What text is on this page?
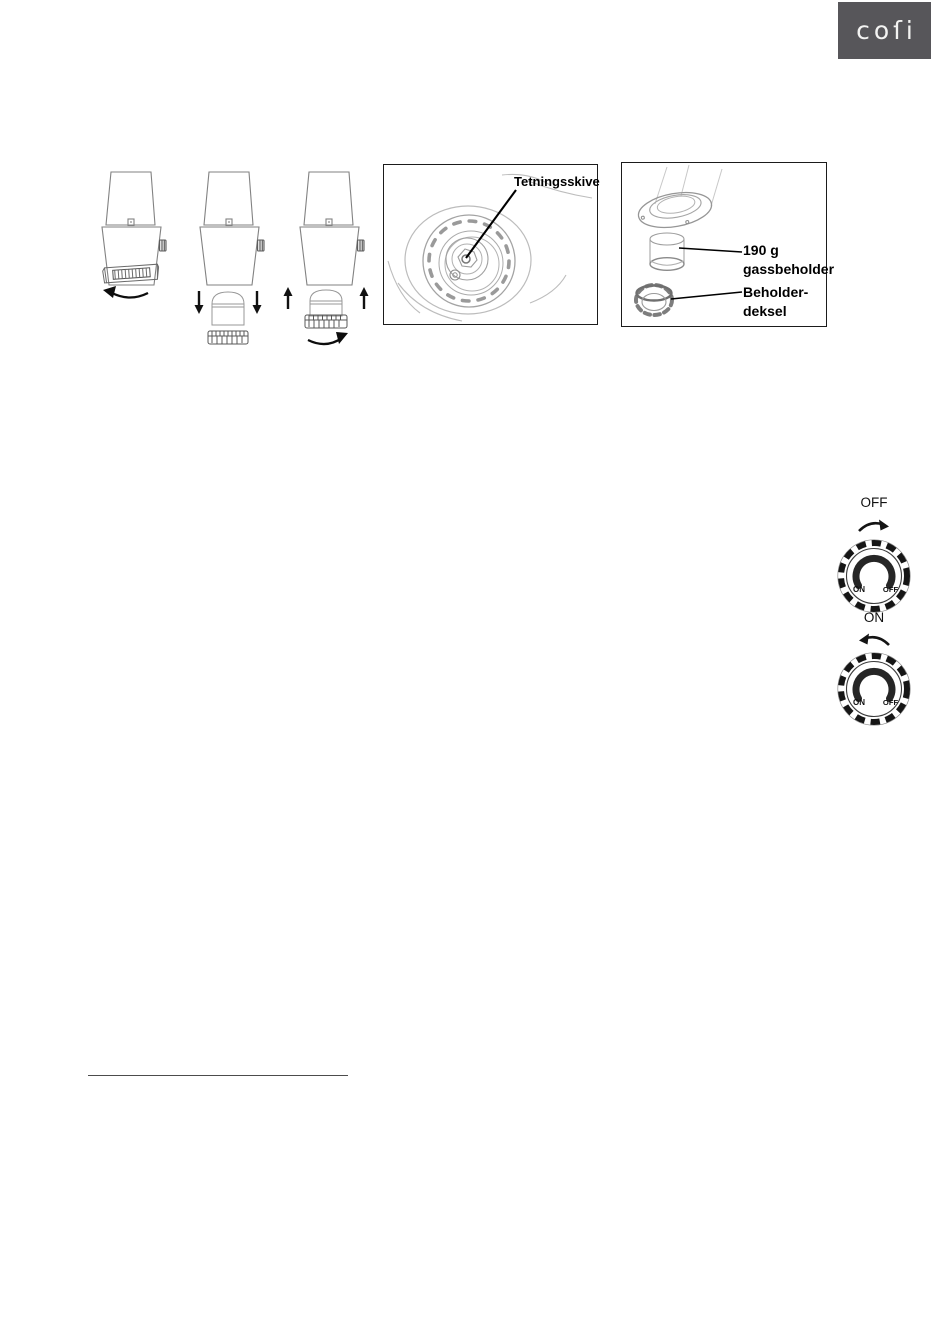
coſi
Tetningsskive
190 g
gassbeholder
Beholder-
deksel
OFF
ON OFF
ON
ON OFF
